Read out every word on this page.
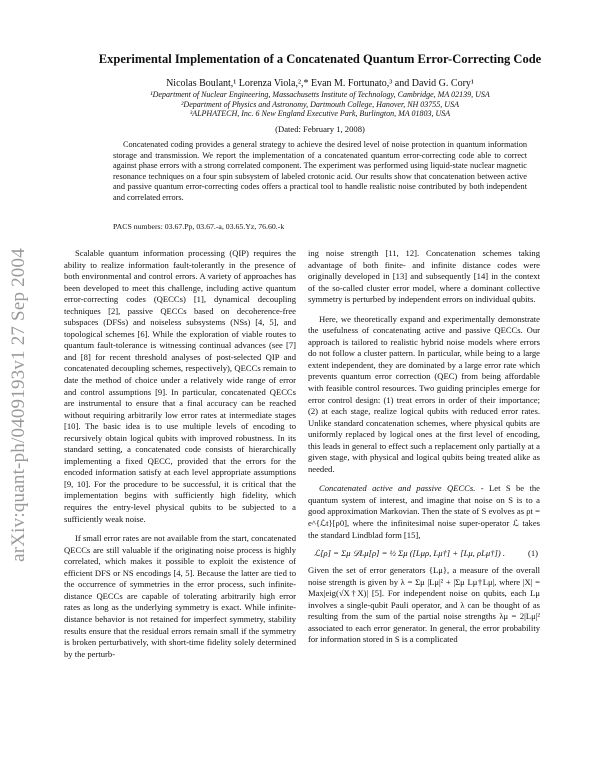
arXiv:quant-ph/0409193v1 27 Sep 2004
Experimental Implementation of a Concatenated Quantum Error-Correcting Code
Nicolas Boulant,¹ Lorenza Viola,²,* Evan M. Fortunato,³ and David G. Cory¹
¹Department of Nuclear Engineering, Massachusetts Institute of Technology, Cambridge, MA 02139, USA
²Department of Physics and Astronomy, Dartmouth College, Hanover, NH 03755, USA
³ALPHATECH, Inc. 6 New England Executive Park, Burlington, MA 01803, USA
(Dated: February 1, 2008)

Concatenated coding provides a general strategy to achieve the desired level of noise protection in quantum information storage and transmission. We report the implementation of a concatenated quantum error-correcting code able to correct against phase errors with a strong correlated component. The experiment was performed using liquid-state nuclear magnetic resonance techniques on a four spin subsystem of labeled crotonic acid. Our results show that concatenation between active and passive quantum error-correcting codes offers a practical tool to handle realistic noise contributed by both independent and correlated errors.

PACS numbers: 03.67.Pp, 03.67.-a, 03.65.Yz, 76.60.-k

Scalable quantum information processing (QIP) requires the ability to realize information fault-tolerantly in the presence of both environmental and control errors. A variety of approaches has been developed to meet this challenge, including active quantum error-correcting codes (QECCs) [1], dynamical decoupling techniques [2], passive QECCs based on decoherence-free subspaces (DFSs) and noiseless subsystems (NSs) [4, 5], and topological schemes [6]. While the exploration of viable routes to quantum fault-tolerance is witnessing continual advances (see [7] and [8] for recent threshold analyses of post-selected QIP and concatenated decoupling schemes, respectively), QECCs remain to date the method of choice under a relatively wide range of error and control assumptions [9]. In particular, concatenated QECCs are instrumental to ensure that a final accuracy can be reached without requiring arbitrarily low error rates at intermediate stages [10]. The basic idea is to use multiple levels of encoding to recursively obtain logical qubits with improved robustness. In its standard setting, a concatenated code consists of hierarchically implementing a fixed QECC, provided that the errors for the encoded information satisfy at each level appropriate assumptions [9, 10]. For the procedure to be successful, it is critical that the implementation begins with sufficiently high fidelity, which requires the entry-level physical qubits to be subjected to a sufficiently weak noise.

If small error rates are not available from the start, concatenated QECCs are still valuable if the originating noise process is highly correlated, which makes it possible to exploit the existence of efficient DFS or NS encodings [4, 5]. Because the latter are tied to the occurrence of symmetries in the error process, such infinite-distance QECCs are capable of tolerating arbitrarily high error rates as long as the underlying symmetry is exact. While infinite-distance behavior is not retained for imperfect symmetry, stability results ensure that the residual errors remain small if the symmetry is broken perturbatively, with short-time fidelity solely determined by the perturb-

ing noise strength [11, 12]. Concatenation schemes taking advantage of both finite- and infinite distance codes were originally developed in [13] and subsequently [14] in the context of the so-called cluster error model, where a dominant collective symmetry is perturbed by independent errors on individual qubits.

Here, we theoretically expand and experimentally demonstrate the usefulness of concatenating active and passive QECCs. Our approach is tailored to realistic hybrid noise models where errors do not follow a cluster pattern. In particular, while being to a large extent independent, they are dominated by a large error rate which prevents quantum error correction (QEC) from being affordable with feasible control resources. Two guiding principles emerge for error control design: (1) treat errors in order of their importance; (2) at each stage, realize logical qubits with reduced error rates. Unlike standard concatenation schemes, where physical qubits are uniformly replaced by logical ones at the first level of encoding, this leads in general to effect such a replacement only partially at a given stage, with physical and logical qubits being treated alike as needed.

Concatenated active and passive QECCs. - Let S be the quantum system of interest, and imagine that noise on S is to a good approximation Markovian. Then the state of S evolves as ρt = e^{ℒt}[ρ0], where the infinitesimal noise super-operator ℒ takes the standard Lindblad form [15],

ℒ[ρ] = Σμ 𝒟Lμ[ρ] = ½ Σμ ([Lμρ, Lμ†] + [Lμ, ρLμ†]) .	(1)

Given the set of error generators {Lμ}, a measure of the overall noise strength is given by λ = Σμ |Lμ|² + |Σμ Lμ†Lμ|, where |X| = Max|eig(√X†X)| [5]. For independent noise on qubits, each Lμ involves a single-qubit Pauli operator, and λ can be thought of as resulting from the sum of the partial noise strengths λμ = 2|Lμ|² associated to each error generator. In general, the error probability for information stored in S is a complicated
